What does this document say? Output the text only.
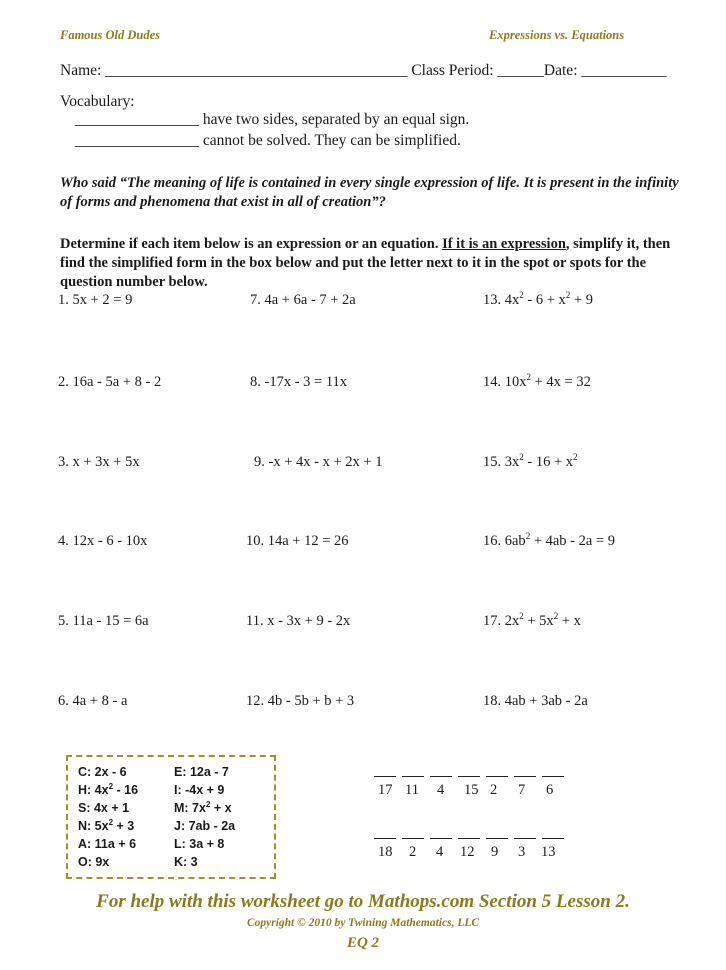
Famous Old Dudes	Expressions vs. Equations
Name: _______________________________________ Class Period: ______Date: ___________
Vocabulary:
________________ have two sides, separated by an equal sign.
________________ cannot be solved. They can be simplified.
Who said “The meaning of life is contained in every single expression of life. It is present in the infinity of forms and phenomena that exist in all of creation”?
Determine if each item below is an expression or an equation. If it is an expression, simplify it, then find the simplified form in the box below and put the letter next to it in the spot or spots for the question number below.
1. 5x + 2 = 9
2. 16a - 5a + 8 - 2
3. x + 3x + 5x
4. 12x - 6 - 10x
5. 11a - 15 = 6a
6. 4a + 8 - a
7. 4a + 6a - 7 + 2a
8. -17x - 3 = 11x
9. -x + 4x - x + 2x + 1
10. 14a + 12 = 26
11. x - 3x + 9 - 2x
12. 4b - 5b + b + 3
13. $4x^2 - 6 + x^2 + 9$
14. $10x^2 + 4x = 32$
15. $3x^2 - 16 + x^2$
16. $6ab^2 + 4ab - 2a = 9$
17. $2x^2 + 5x^2 + x$
18. 4ab + 3ab - 2a
C: 2x - 6	E: 12a - 7
H: $4x^2 - 16$	I: -4x + 9
S: 4x + 1	M: $7x^2 + x$
N: $5x^2 + 3$	J: 7ab - 2a
A: 11a + 6	L: 3a + 8
O: 9x	K: 3
17 11 4 15 2 7 6
18 2 4 12 9 3 13
For help with this worksheet go to Mathops.com Section 5 Lesson 2.
Copyright © 2010 by Twining Mathematics, LLC
EQ 2
